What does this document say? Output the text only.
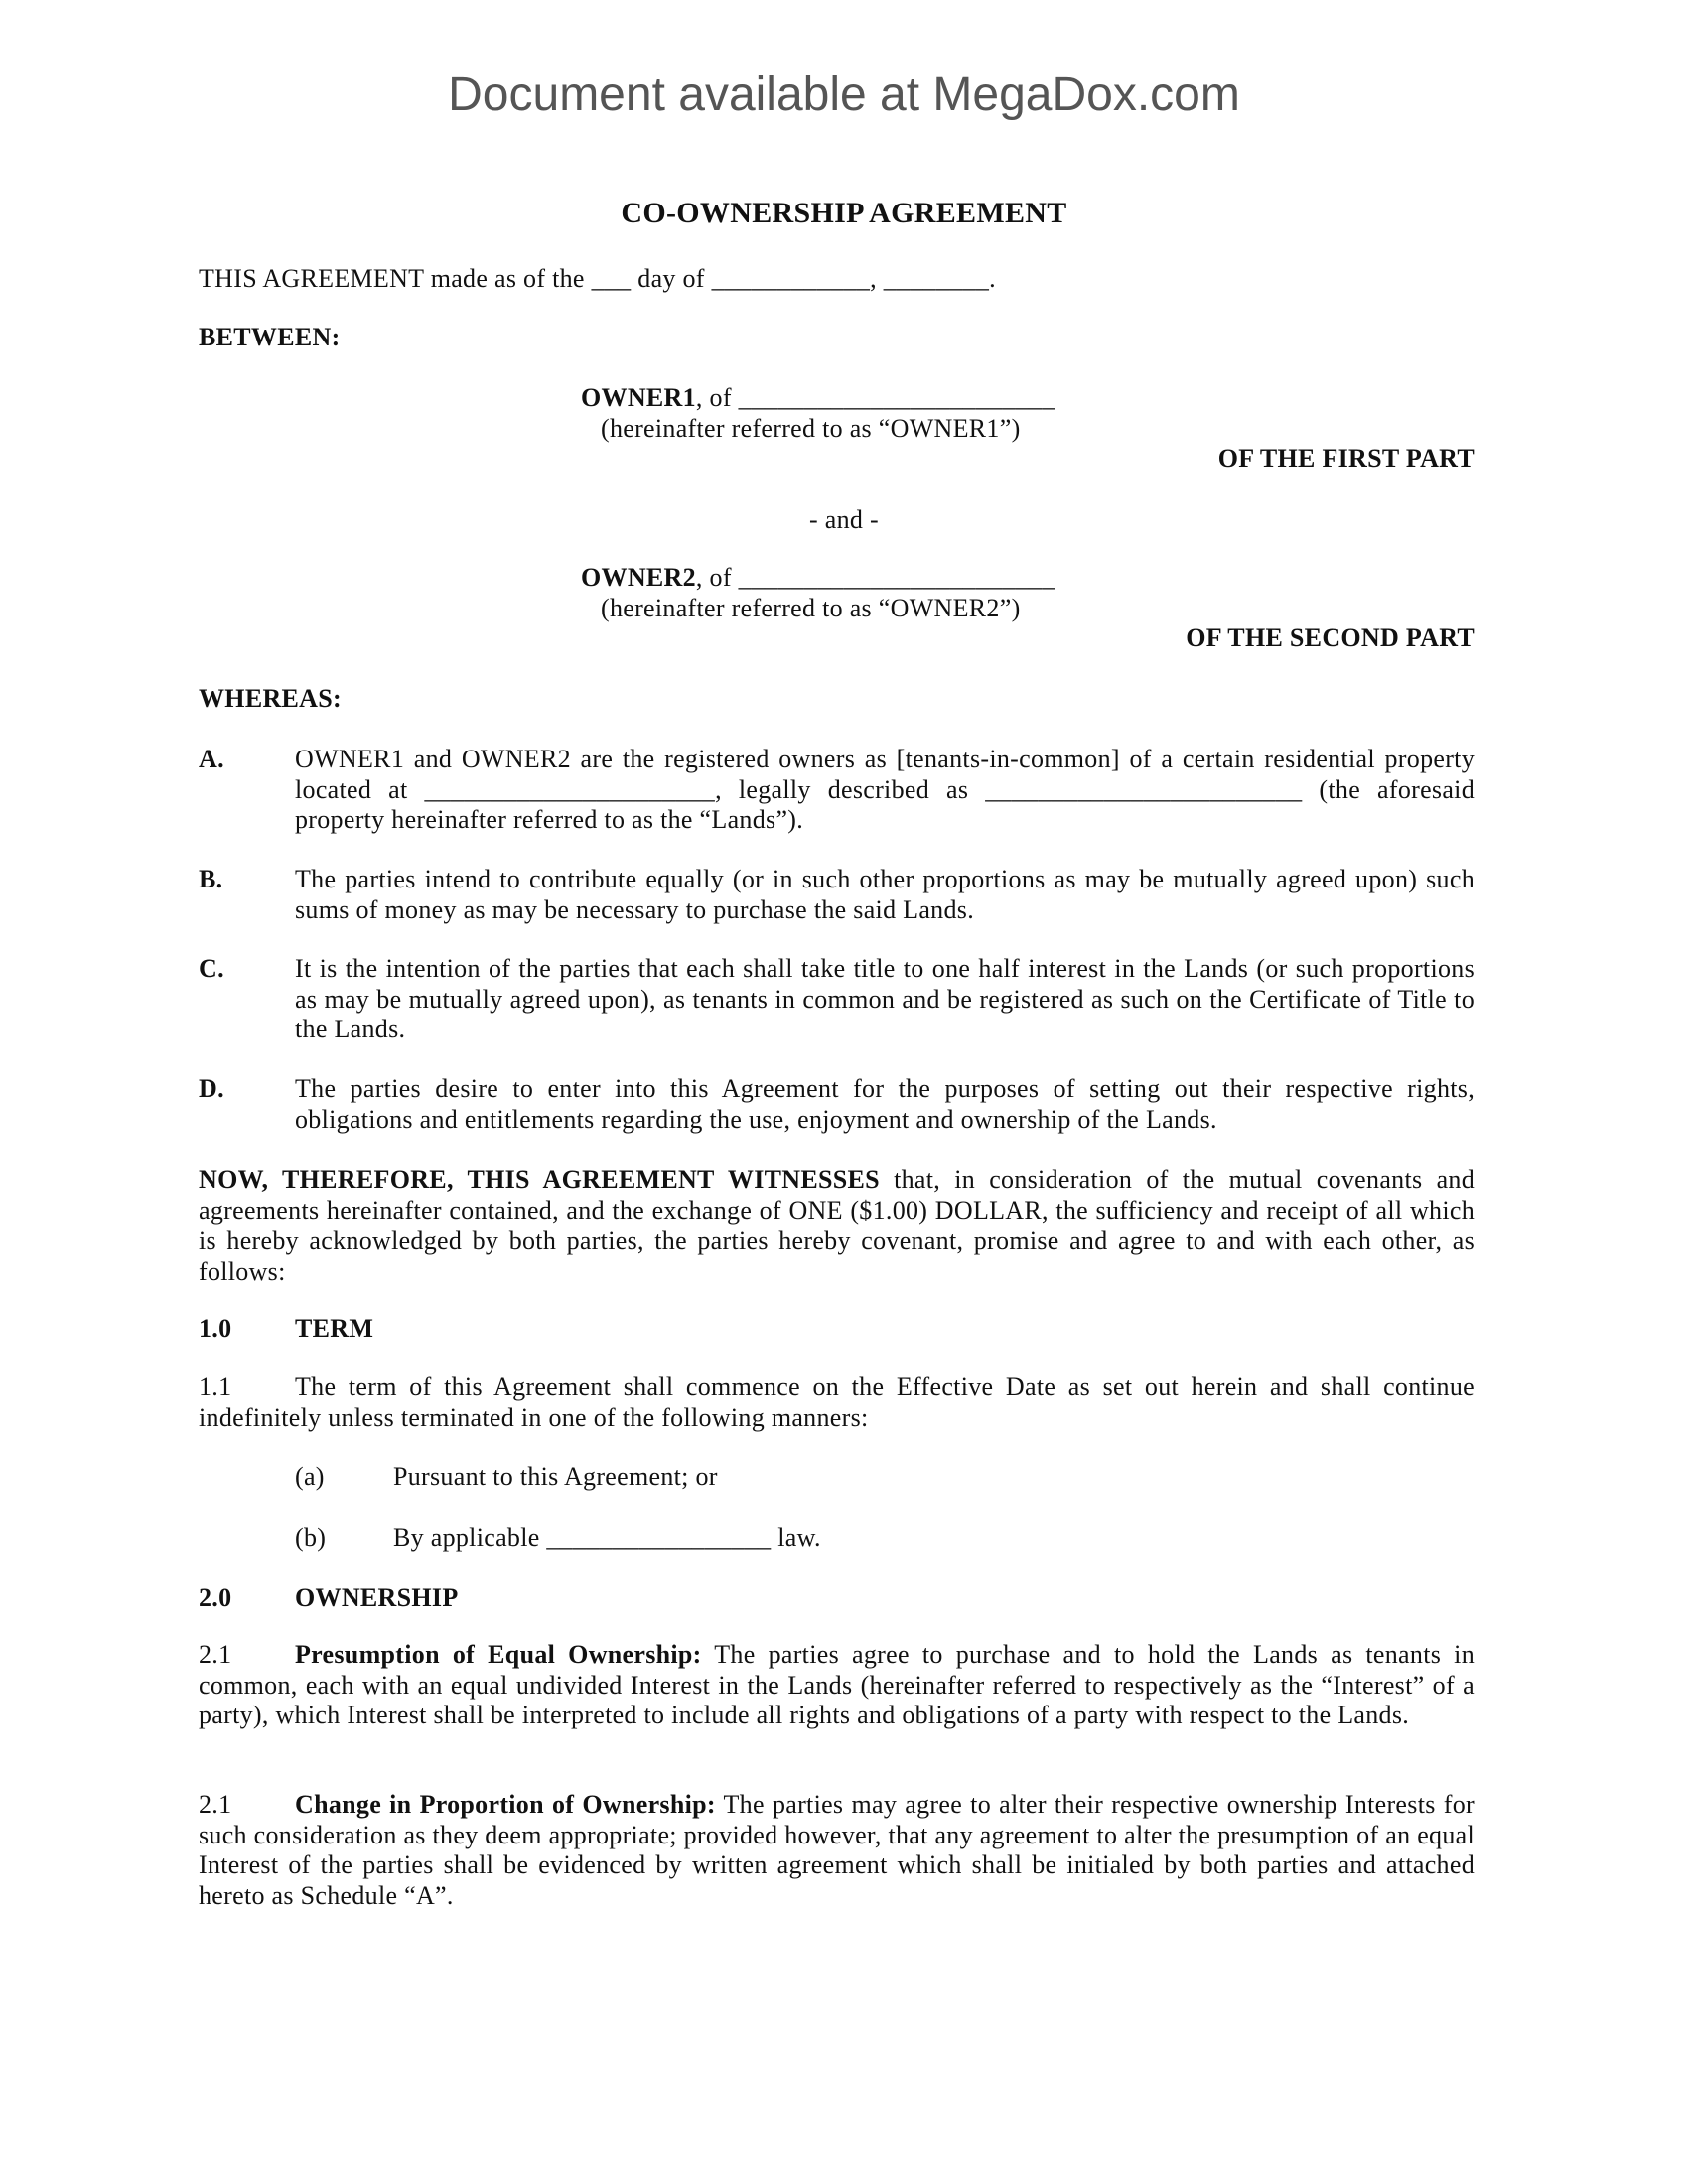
Document available at MegaDox.com
CO-OWNERSHIP AGREEMENT
THIS AGREEMENT made as of the ___ day of ____________, ________.
BETWEEN:
OWNER1, of ________________________
(hereinafter referred to as “OWNER1”)
OF THE FIRST PART
- and -
OWNER2, of ________________________
(hereinafter referred to as “OWNER2”)
OF THE SECOND PART
WHEREAS:
A.	OWNER1 and OWNER2 are the registered owners as [tenants-in-common] of a certain residential property located at ______________________, legally described as ________________________ (the aforesaid property hereinafter referred to as the “Lands”).
B.	The parties intend to contribute equally (or in such other proportions as may be mutually agreed upon) such sums of money as may be necessary to purchase the said Lands.
C.	It is the intention of the parties that each shall take title to one half interest in the Lands (or such proportions as may be mutually agreed upon), as tenants in common and be registered as such on the Certificate of Title to the Lands.
D.	The parties desire to enter into this Agreement for the purposes of setting out their respective rights, obligations and entitlements regarding the use, enjoyment and ownership of the Lands.
NOW, THEREFORE, THIS AGREEMENT WITNESSES that, in consideration of the mutual covenants and agreements hereinafter contained, and the exchange of ONE ($1.00) DOLLAR, the sufficiency and receipt of all which is hereby acknowledged by both parties, the parties hereby covenant, promise and agree to and with each other, as follows:
1.0 TERM
1.1 The term of this Agreement shall commence on the Effective Date as set out herein and shall continue indefinitely unless terminated in one of the following manners:
(a)	Pursuant to this Agreement; or
(b)	By applicable _________________ law.
2.0 OWNERSHIP
2.1 Presumption of Equal Ownership: The parties agree to purchase and to hold the Lands as tenants in common, each with an equal undivided Interest in the Lands (hereinafter referred to respectively as the “Interest” of a party), which Interest shall be interpreted to include all rights and obligations of a party with respect to the Lands.
2.1 Change in Proportion of Ownership: The parties may agree to alter their respective ownership Interests for such consideration as they deem appropriate; provided however, that any agreement to alter the presumption of an equal Interest of the parties shall be evidenced by written agreement which shall be initialed by both parties and attached hereto as Schedule “A”.
